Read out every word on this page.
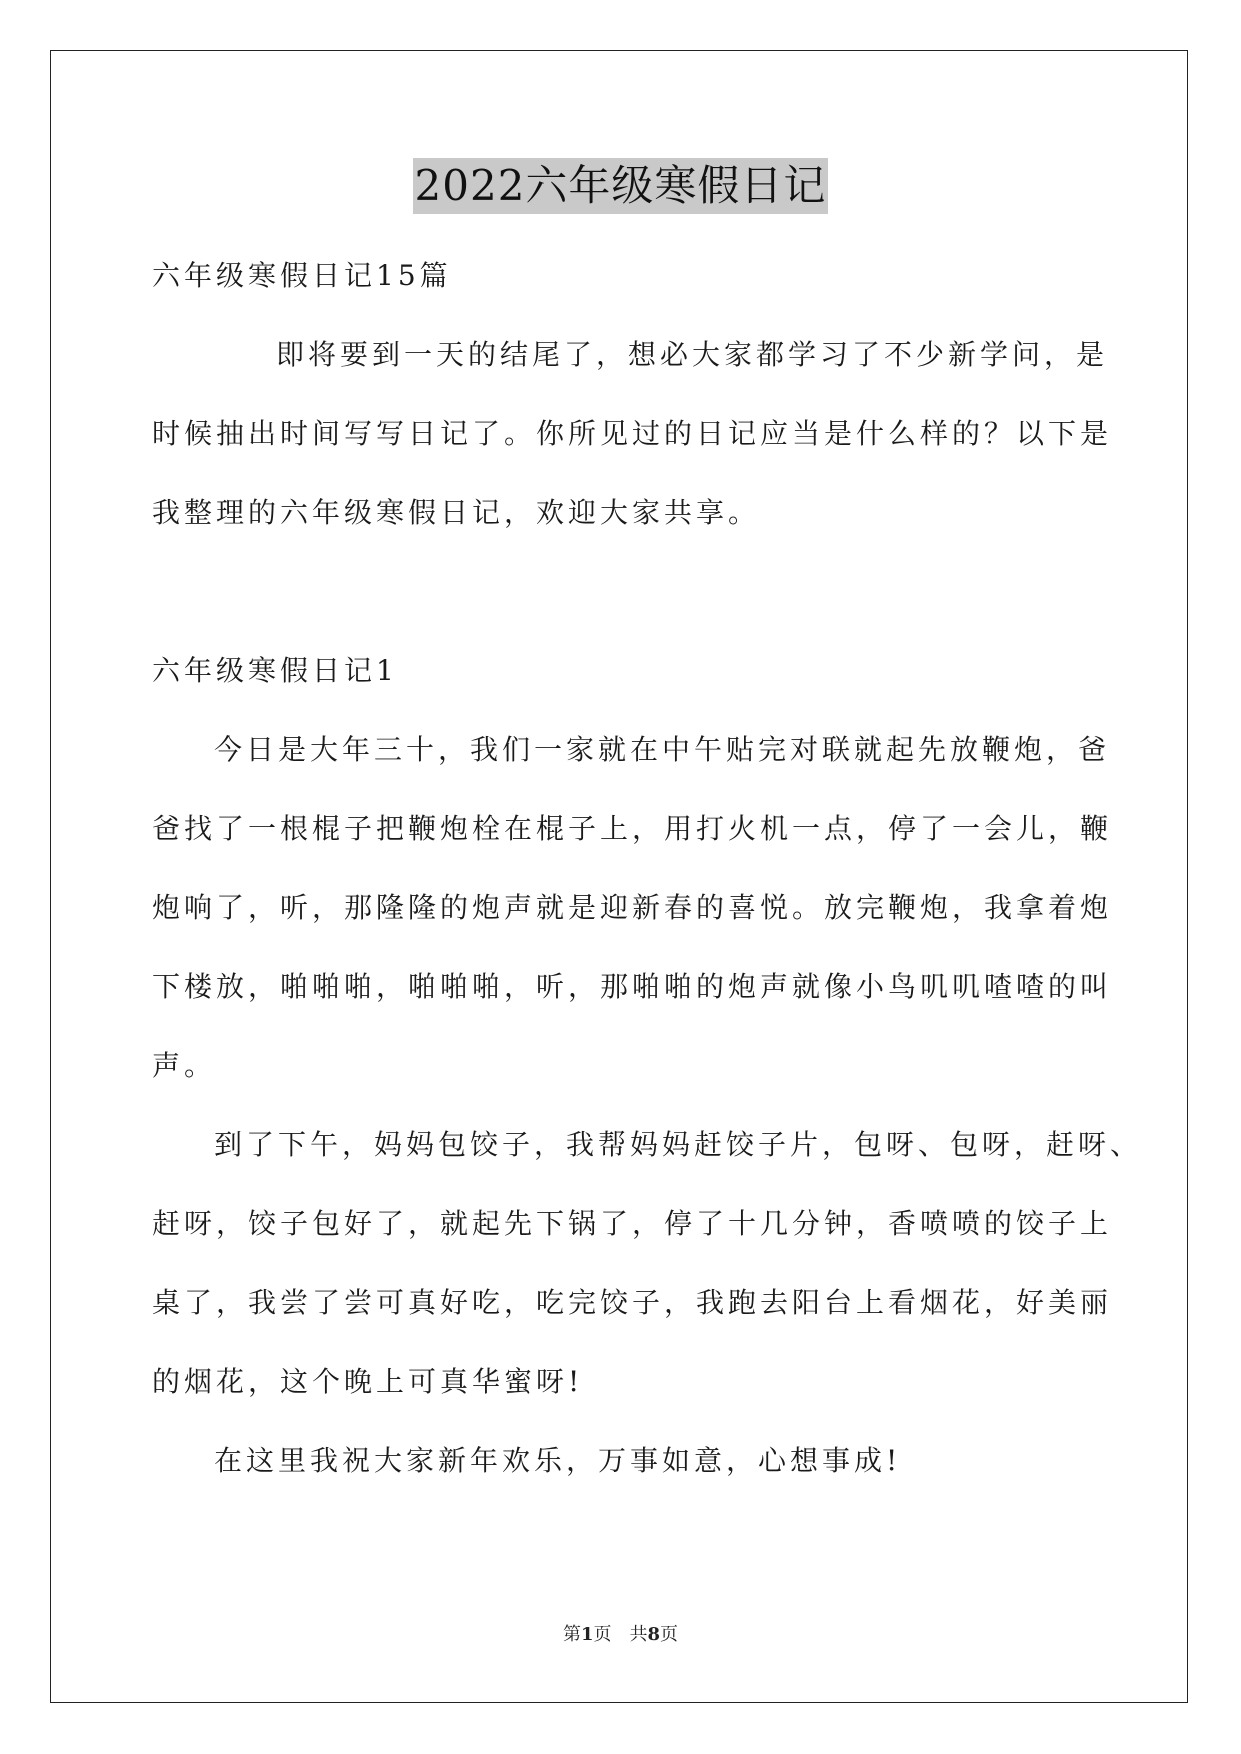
2022六年级寒假日记
六年级寒假日记15篇
即将要到一天的结尾了，想必大家都学习了不少新学问，是
时候抽出时间写写日记了。你所见过的日记应当是什么样的？以下是
我整理的六年级寒假日记，欢迎大家共享。
六年级寒假日记1
今日是大年三十，我们一家就在中午贴完对联就起先放鞭炮，爸
爸找了一根棍子把鞭炮栓在棍子上，用打火机一点，停了一会儿，鞭
炮响了，听，那隆隆的炮声就是迎新春的喜悦。放完鞭炮，我拿着炮
下楼放，啪啪啪，啪啪啪，听，那啪啪的炮声就像小鸟叽叽喳喳的叫
声。
到了下午，妈妈包饺子，我帮妈妈赶饺子片，包呀、包呀，赶呀、
赶呀，饺子包好了，就起先下锅了，停了十几分钟，香喷喷的饺子上
桌了，我尝了尝可真好吃，吃完饺子，我跑去阳台上看烟花，好美丽
的烟花，这个晚上可真华蜜呀!
在这里我祝大家新年欢乐，万事如意，心想事成!
第1页　共8页
